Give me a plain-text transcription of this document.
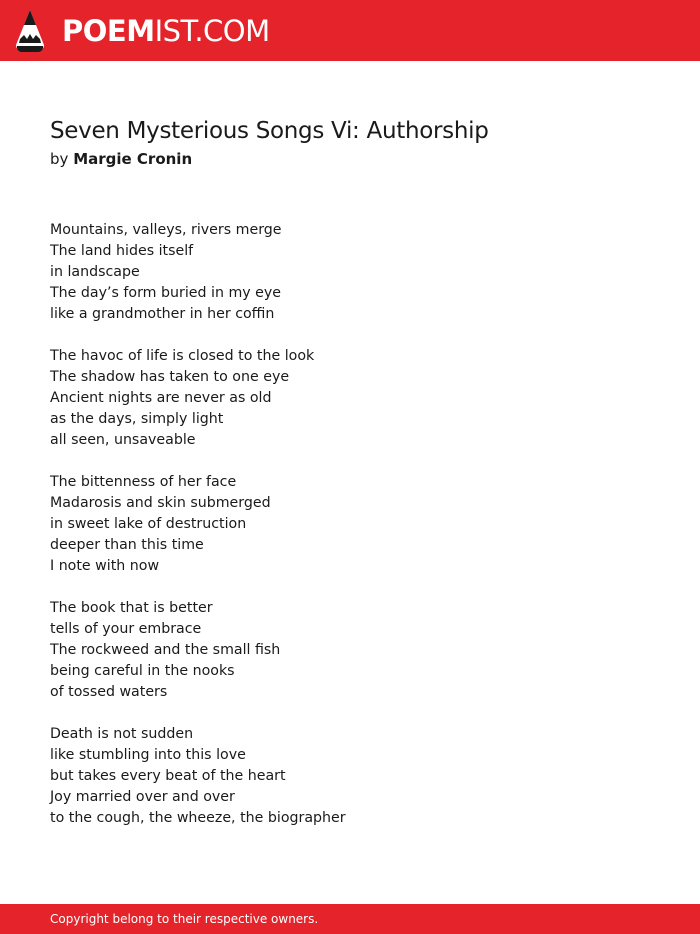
POEMIST.COM
Seven Mysterious Songs Vi: Authorship
by Margie Cronin
Mountains, valleys, rivers merge
The land hides itself
in landscape
The day’s form buried in my eye
like a grandmother in her coffin
The havoc of life is closed to the look
The shadow has taken to one eye
Ancient nights are never as old
as the days, simply light
all seen, unsaveable
The bittenness of her face
Madarosis and skin submerged
in sweet lake of destruction
deeper than this time
I note with now
The book that is better
tells of your embrace
The rockweed and the small fish
being careful in the nooks
of tossed waters
Death is not sudden
like stumbling into this love
but takes every beat of the heart
Joy married over and over
to the cough, the wheeze, the biographer
Copyright belong to their respective owners.
